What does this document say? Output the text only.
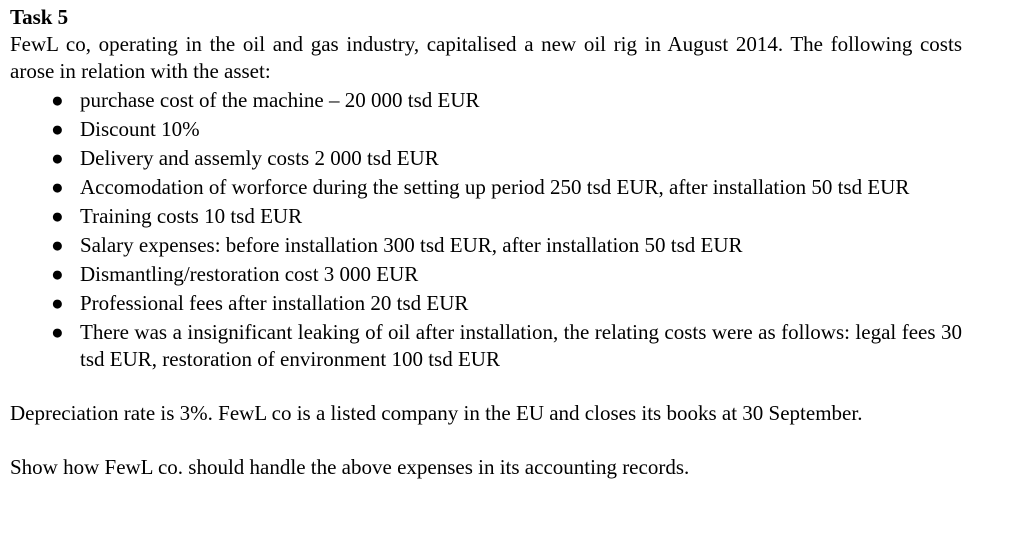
Task 5

FewL co, operating in the oil and gas industry, capitalised a new oil rig in August 2014. The following costs arose in relation with the asset:

● purchase cost of the machine – 20 000 tsd EUR
● Discount 10%
● Delivery and assemly costs 2 000 tsd EUR
● Accomodation of worforce during the setting up period 250 tsd EUR, after installation 50 tsd EUR
● Training costs 10 tsd EUR
● Salary expenses: before installation 300 tsd EUR, after installation 50 tsd EUR
● Dismantling/restoration cost 3 000 EUR
● Professional fees after installation 20 tsd EUR
● There was a insignificant leaking of oil after installation, the relating costs were as follows: legal fees 30 tsd EUR, restoration of environment 100 tsd EUR

Depreciation rate is 3%. FewL co is a listed company in the EU and closes its books at 30 September.

Show how FewL co. should handle the above expenses in its accounting records.
